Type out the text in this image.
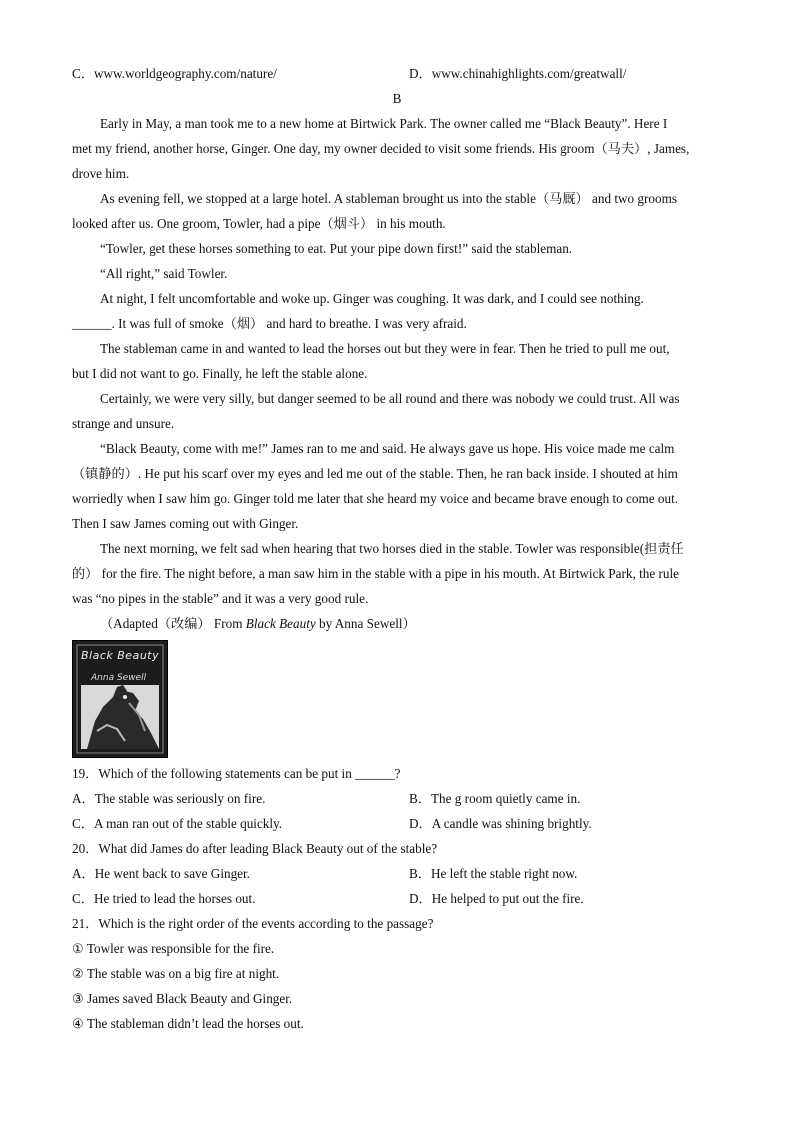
C．www.worldgeography.com/nature/	D．www.chinahighlights.com/greatwall/
B
Early in May, a man took me to a new home at Birtwick Park. The owner called me “Black Beauty”. Here I
met my friend, another horse, Ginger. One day, my owner decided to visit some friends. His groom（马夫）, James,
drove him.
As evening fell, we stopped at a large hotel. A stableman brought us into the stable（马厩） and two grooms
looked after us. One groom, Towler, had a pipe（烟斗） in his mouth.
“Towler, get these horses something to eat. Put your pipe down first!” said the stableman.
“All right,” said Towler.
At night, I felt uncomfortable and woke up. Ginger was coughing. It was dark, and I could see nothing.
______. It was full of smoke（烟） and hard to breathe. I was very afraid.
The stableman came in and wanted to lead the horses out but they were in fear. Then he tried to pull me out,
but I did not want to go. Finally, he left the stable alone.
Certainly, we were very silly, but danger seemed to be all round and there was nobody we could trust. All was
strange and unsure.
“Black Beauty, come with me!” James ran to me and said. He always gave us hope. His voice made me calm
（镇静的）. He put his scarf over my eyes and led me out of the stable. Then, he ran back inside. I shouted at him
worriedly when I saw him go. Ginger told me later that she heard my voice and became brave enough to come out.
Then I saw James coming out with Ginger.
The next morning, we felt sad when hearing that two horses died in the stable. Towler was responsible(担责任
的） for the fire. The night before, a man saw him in the stable with a pipe in his mouth. At Birtwick Park, the rule
was “no pipes in the stable” and it was a very good rule.
（Adapted（改编） From Black Beauty by Anna Sewell）
Black Beauty
Anna Sewell
19．Which of the following statements can be put in ______?
A．The stable was seriously on fire.	B．The g room quietly came in.
C．A man ran out of the stable quickly.	D．A candle was shining brightly.
20．What did James do after leading Black Beauty out of the stable?
A．He went back to save Ginger.	B．He left the stable right now.
C．He tried to lead the horses out.	D．He helped to put out the fire.
21．Which is the right order of the events according to the passage?
① Towler was responsible for the fire.
② The stable was on a big fire at night.
③ James saved Black Beauty and Ginger.
④ The stableman didn’t lead the horses out.
